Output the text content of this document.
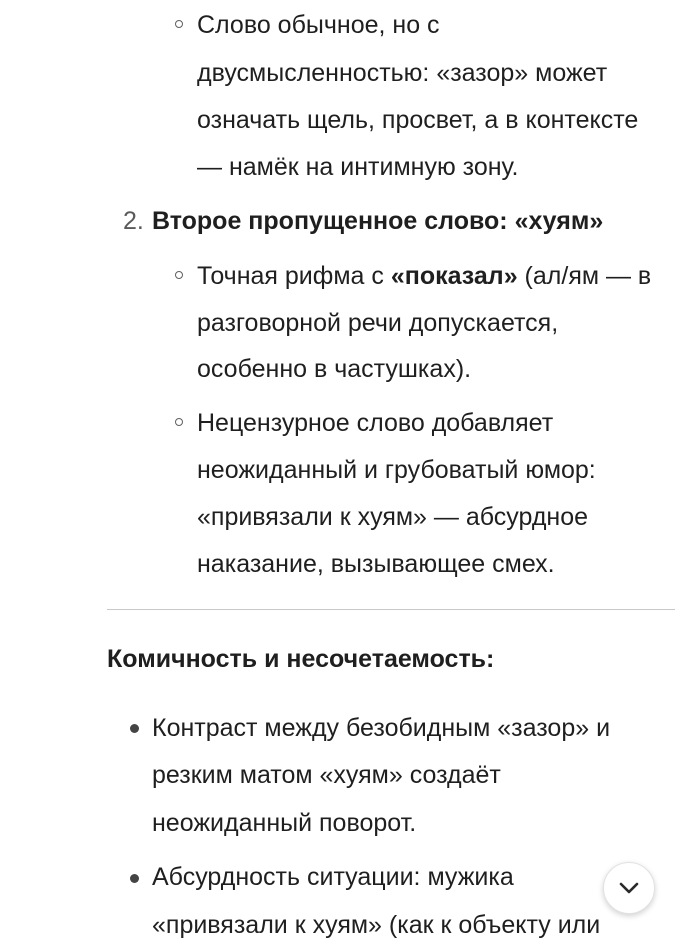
Слово обычное, но с
двусмысленностью: «зазор» может
означать щель, просвет, а в контексте
— намёк на интимную зону.
2. Второе пропущенное слово: «хуям»
Точная рифма с «показал» (ал/ям — в
разговорной речи допускается,
особенно в частушках).
Нецензурное слово добавляет
неожиданный и грубоватый юмор:
«привязали к хуям» — абсурдное
наказание, вызывающее смех.
Комичность и несочетаемость:
Контраст между безобидным «зазор» и
резким матом «хуям» создаёт
неожиданный поворот.
Абсурдность ситуации: мужика
«привязали к хуям» (как к объекту или
